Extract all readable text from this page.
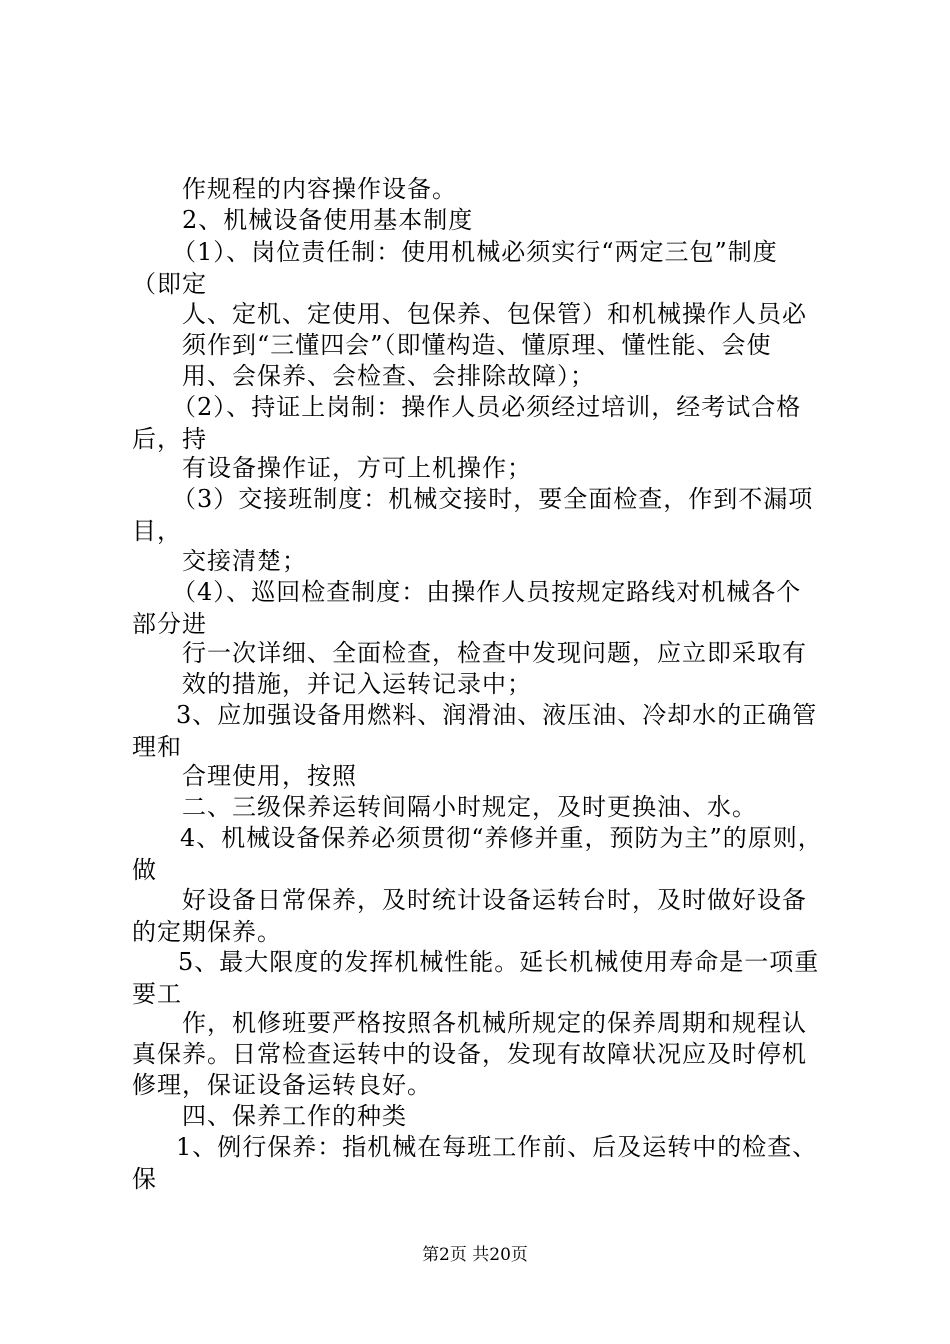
作规程的内容操作设备。
2、机械设备使用基本制度
（1）、岗位责任制：使用机械必须实行“两定三包”制度
（即定
人、定机、定使用、包保养、包保管）和机械操作人员必
须作到“三懂四会”（即懂构造、懂原理、懂性能、会使
用、会保养、会检查、会排除故障）；
（2）、持证上岗制：操作人员必须经过培训，经考试合格
后，持
有设备操作证，方可上机操作；
（3）交接班制度：机械交接时，要全面检查，作到不漏项
目，
交接清楚；
（4）、巡回检查制度：由操作人员按规定路线对机械各个
部分进
行一次详细、全面检查，检查中发现问题，应立即采取有
效的措施，并记入运转记录中；
3、应加强设备用燃料、润滑油、液压油、冷却水的正确管
理和
合理使用，按照
二、三级保养运转间隔小时规定，及时更换油、水。
4、机械设备保养必须贯彻“养修并重，预防为主”的原则，
做
好设备日常保养，及时统计设备运转台时，及时做好设备
的定期保养。
5、最大限度的发挥机械性能。延长机械使用寿命是一项重
要工
作，机修班要严格按照各机械所规定的保养周期和规程认
真保养。日常检查运转中的设备，发现有故障状况应及时停机
修理，保证设备运转良好。
四、保养工作的种类
1、例行保养：指机械在每班工作前、后及运转中的检查、
保
第2页 共20页
